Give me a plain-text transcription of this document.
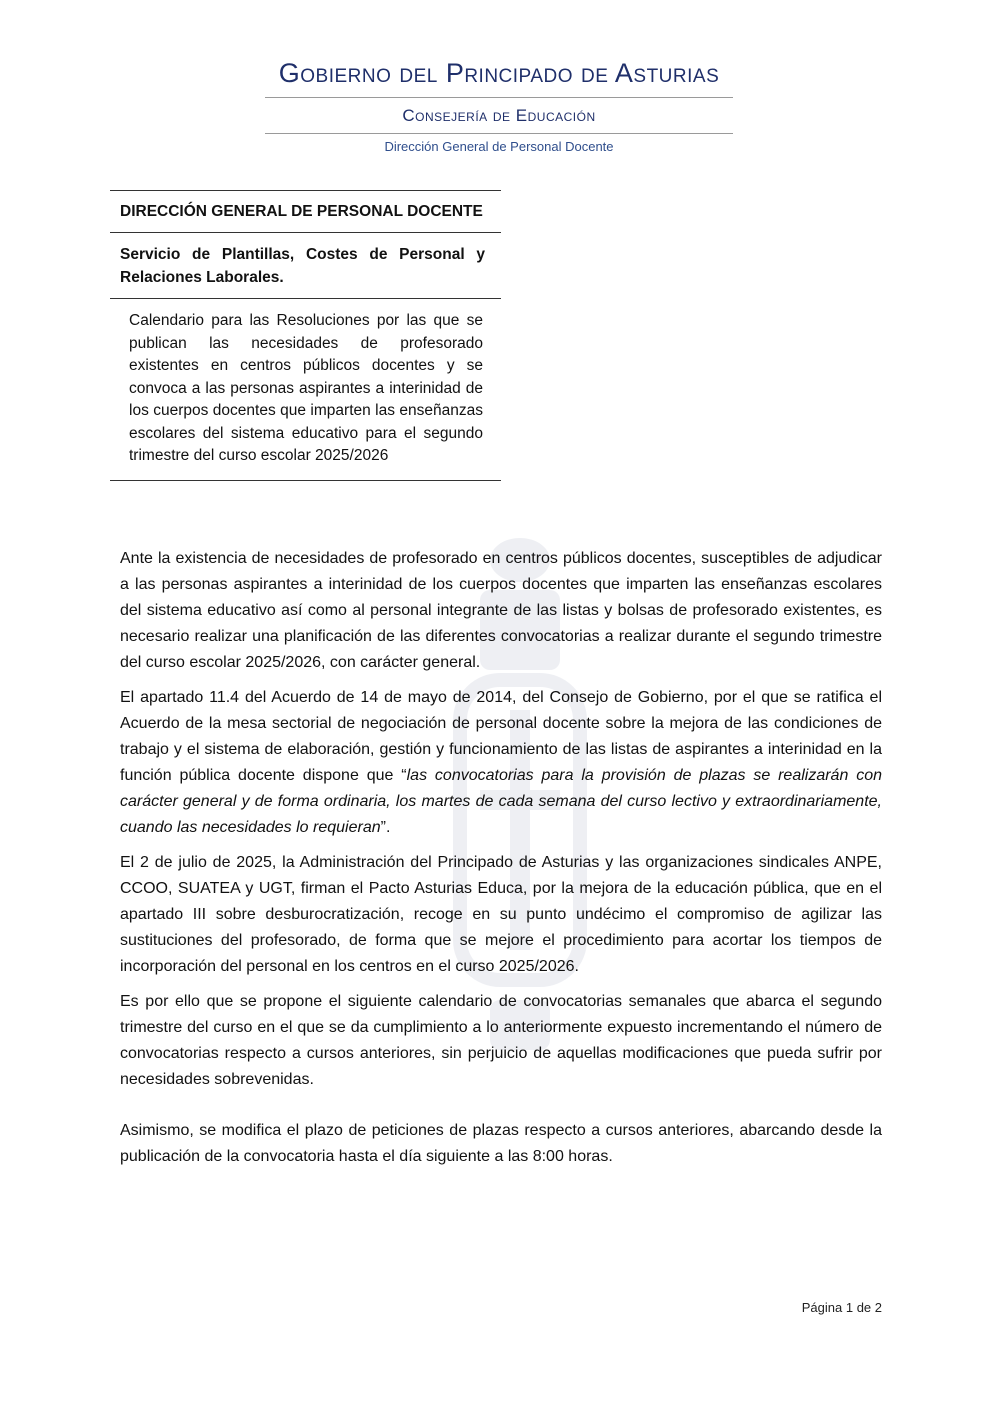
Gobierno del Principado de Asturias
Consejería de Educación
Dirección General de Personal Docente
DIRECCIÓN GENERAL DE PERSONAL DOCENTE
Servicio de Plantillas, Costes de Personal y Relaciones Laborales.
Calendario para las Resoluciones por las que se publican las necesidades de profesorado existentes en centros públicos docentes y se convoca a las personas aspirantes a interinidad de los cuerpos docentes que imparten las enseñanzas escolares del sistema educativo para el segundo trimestre del curso escolar 2025/2026

Ante la existencia de necesidades de profesorado en centros públicos docentes, susceptibles de adjudicar a las personas aspirantes a interinidad de los cuerpos docentes que imparten las enseñanzas escolares del sistema educativo así como al personal integrante de las listas y bolsas de profesorado existentes, es necesario realizar una planificación de las diferentes convocatorias a realizar durante el segundo trimestre del curso escolar 2025/2026, con carácter general.

El apartado 11.4 del Acuerdo de 14 de mayo de 2014, del Consejo de Gobierno, por el que se ratifica el Acuerdo de la mesa sectorial de negociación de personal docente sobre la mejora de las condiciones de trabajo y el sistema de elaboración, gestión y funcionamiento de las listas de aspirantes a interinidad en la función pública docente dispone que “las convocatorias para la provisión de plazas se realizarán con carácter general y de forma ordinaria, los martes de cada semana del curso lectivo y extraordinariamente, cuando las necesidades lo requieran”.

El 2 de julio de 2025, la Administración del Principado de Asturias y las organizaciones sindicales ANPE, CCOO, SUATEA y UGT, firman el Pacto Asturias Educa, por la mejora de la educación pública, que en el apartado III sobre desburocratización, recoge en su punto undécimo el compromiso de agilizar las sustituciones del profesorado, de forma que se mejore el procedimiento para acortar los tiempos de incorporación del personal en los centros en el curso 2025/2026.

Es por ello que se propone el siguiente calendario de convocatorias semanales que abarca el segundo trimestre del curso en el que se da cumplimiento a lo anteriormente expuesto incrementando el número de convocatorias respecto a cursos anteriores, sin perjuicio de aquellas modificaciones que pueda sufrir por necesidades sobrevenidas.

Asimismo, se modifica el plazo de peticiones de plazas respecto a cursos anteriores, abarcando desde la publicación de la convocatoria hasta el día siguiente a las 8:00 horas.

Página 1 de 2
